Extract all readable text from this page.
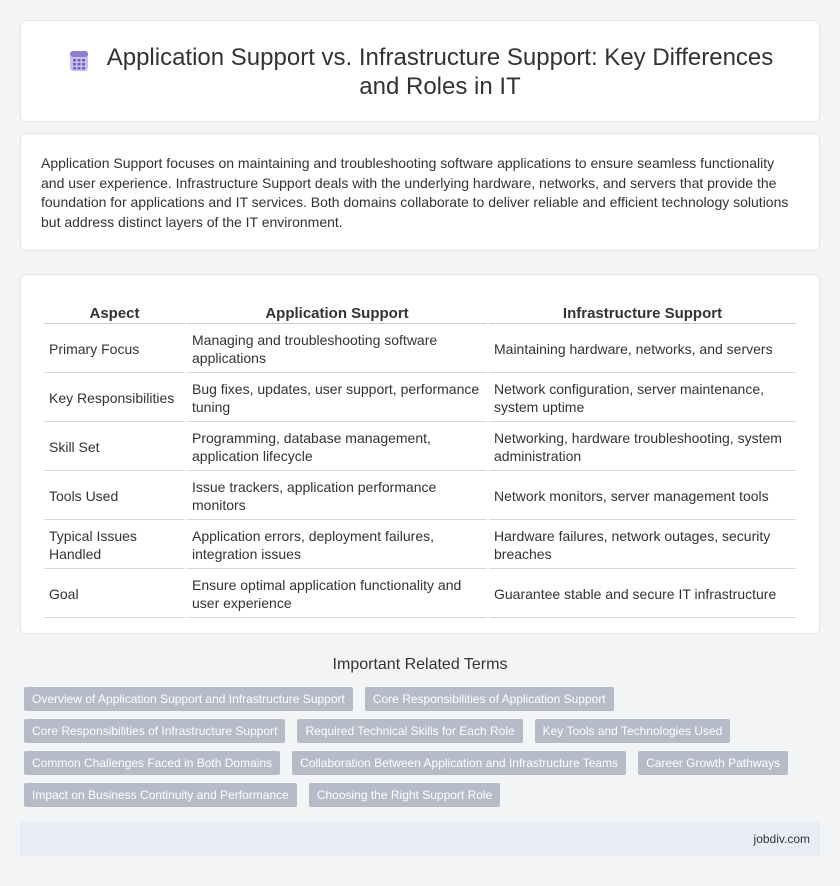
Application Support vs. Infrastructure Support: Key Differences and Roles in IT

Application Support focuses on maintaining and troubleshooting software applications to ensure seamless functionality and user experience. Infrastructure Support deals with the underlying hardware, networks, and servers that provide the foundation for applications and IT services. Both domains collaborate to deliver reliable and efficient technology solutions but address distinct layers of the IT environment.

Aspect	Application Support	Infrastructure Support
Primary Focus	Managing and troubleshooting software applications	Maintaining hardware, networks, and servers
Key Responsibilities	Bug fixes, updates, user support, performance tuning	Network configuration, server maintenance, system uptime
Skill Set	Programming, database management, application lifecycle	Networking, hardware troubleshooting, system administration
Tools Used	Issue trackers, application performance monitors	Network monitors, server management tools
Typical Issues Handled	Application errors, deployment failures, integration issues	Hardware failures, network outages, security breaches
Goal	Ensure optimal application functionality and user experience	Guarantee stable and secure IT infrastructure
Important Related Terms
Overview of Application Support and Infrastructure Support	Core Responsibilities of Application Support
Core Responsibilities of Infrastructure Support	Required Technical Skills for Each Role	Key Tools and Technologies Used
Common Challenges Faced in Both Domains	Collaboration Between Application and Infrastructure Teams	Career Growth Pathways
Impact on Business Continuity and Performance	Choosing the Right Support Role
jobdiv.com
